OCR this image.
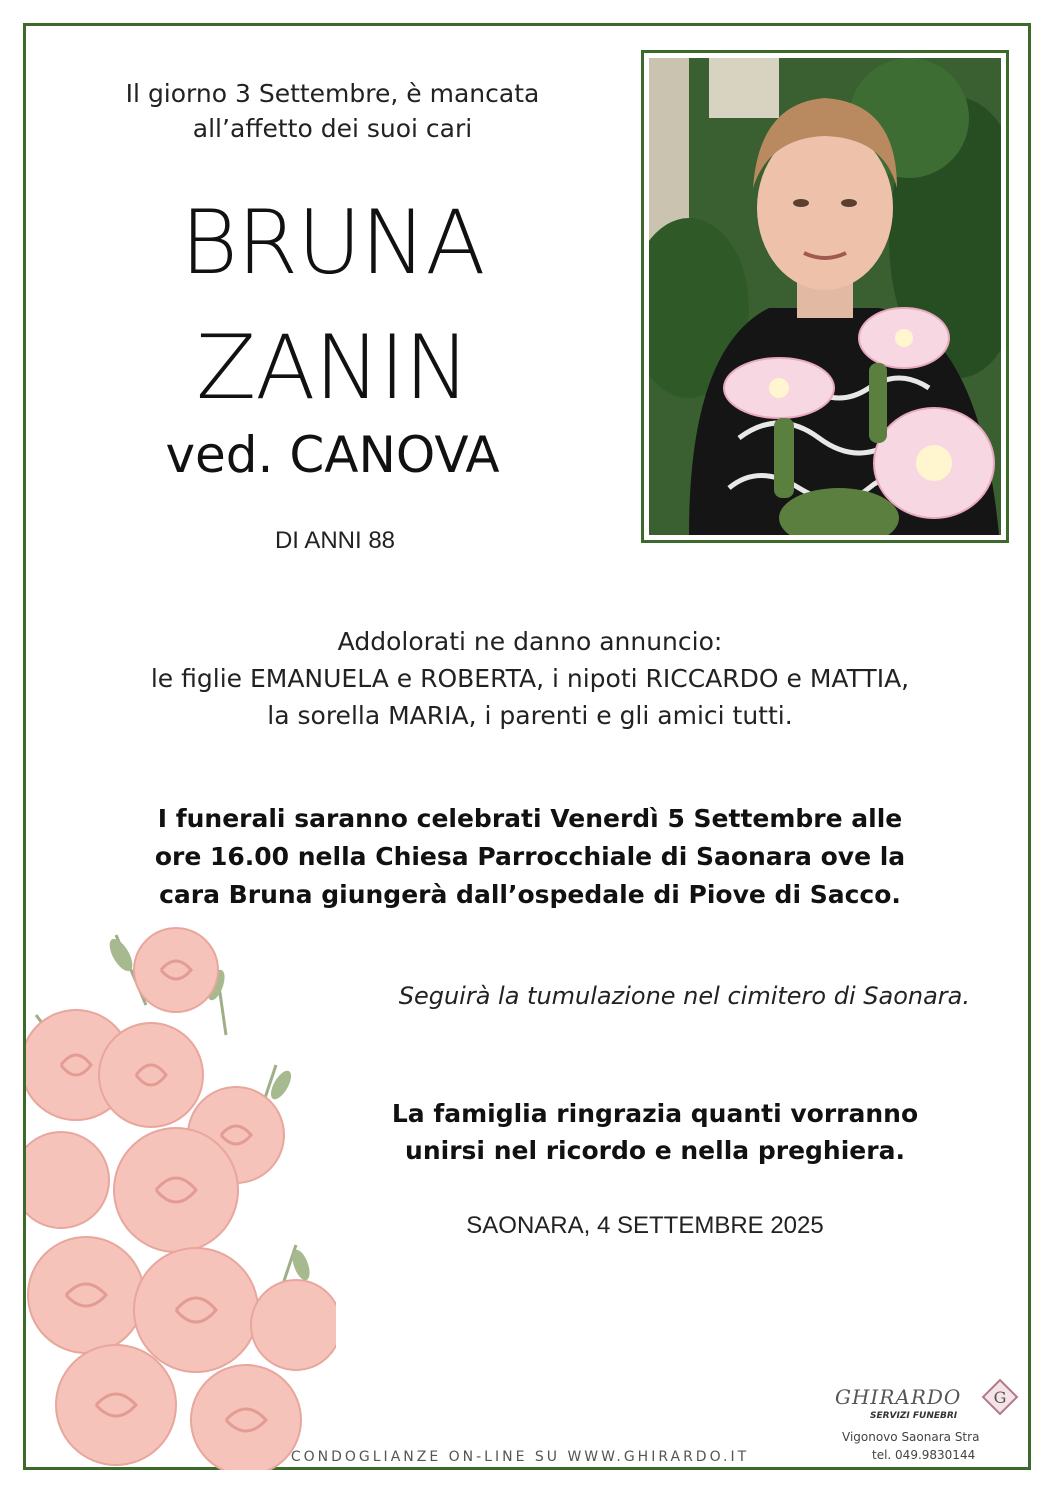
Il giorno 3 Settembre, è mancata
all’affetto dei suoi cari
BRUNA
ZANIN
ved. CANOVA
DI ANNI 88
Addolorati ne danno annuncio:
le figlie EMANUELA e ROBERTA, i nipoti RICCARDO e MATTIA,
la sorella MARIA, i parenti e gli amici tutti.
I funerali saranno celebrati Venerdì 5 Settembre alle
ore 16.00 nella Chiesa Parrocchiale di Saonara ove la
cara Bruna giungerà dall’ospedale di Piove di Sacco.
Seguirà la tumulazione nel cimitero di Saonara.
La famiglia ringrazia quanti vorranno
unirsi nel ricordo e nella preghiera.
SAONARA, 4 SETTEMBRE 2025
CONDOGLIANZE ON-LINE SU WWW.GHIRARDO.IT
GHIRARDO
SERVIZI FUNEBRI
G
Vigonovo Saonara Stra
tel. 049.9830144
